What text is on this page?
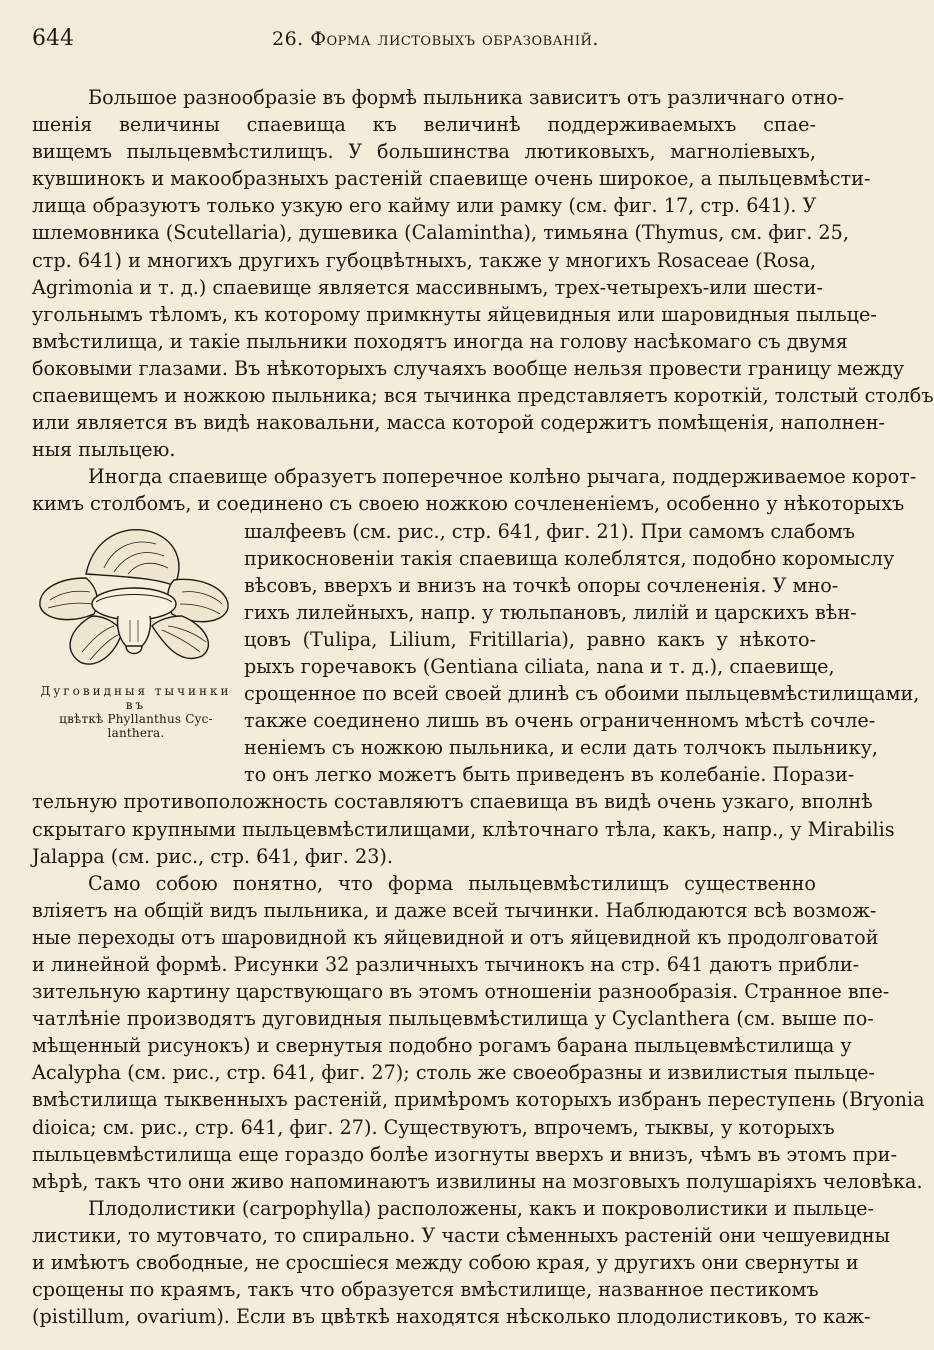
644	26. Форма листовыхъ образованій.
Дуговидныя тычинки въ
цвѣткѣ Phyllanthus Cyc-
lanthera.

Большое разнообразіе въ формѣ пыльника зависитъ отъ различнаго отно-
шенія величины спаевища къ величинѣ поддерживаемыхъ спае-
вищемъ пыльцевмѣстилищъ. У большинства лютиковыхъ, магноліевыхъ,
кувшинокъ и макообразныхъ растеній спаевище очень широкое, а пыльцевмѣсти-
лища образуютъ только узкую его кайму или рамку (см. фиг. 17, стр. 641). У
шлемовника (Scutellaria), душевика (Calamintha), тимьяна (Thymus, см. фиг. 25,
стр. 641) и многихъ другихъ губоцвѣтныхъ, также у многихъ Rosaceae (Rosa,
Agrimonia и т. д.) спаевище является массивнымъ, трех-четырехъ-или шести-
угольнымъ тѣломъ, къ которому примкнуты яйцевидныя или шаровидныя пыльце-
вмѣстилища, и такіе пыльники походятъ иногда на голову насѣкомаго съ двумя
боковыми глазами. Въ нѣкоторыхъ случаяхъ вообще нельзя провести границу между
спаевищемъ и ножкою пыльника; вся тычинка представляетъ короткій, толстый столбъ
или является въ видѣ наковальни, масса которой содержитъ помѣщенія, наполнен-
ныя пыльцею.

Иногда спаевище образуетъ поперечное колѣно рычага, поддерживаемое корот-
кимъ столбомъ, и соединено съ своею ножкою сочлененіемъ, особенно у нѣкоторыхъ
шалфеевъ (см. рис., стр. 641, фиг. 21). При самомъ слабомъ
прикосновеніи такія спаевища колеблятся, подобно коромыслу
вѣсовъ, вверхъ и внизъ на точкѣ опоры сочлененія. У мно-
гихъ лилейныхъ, напр. у тюльпановъ, лилій и царскихъ вѣн-
цовъ (Tulipa, Lilium, Fritillaria), равно какъ у нѣкото-
рыхъ горечавокъ (Gentiana ciliata, nana и т. д.), спаевище,
срощенное по всей своей длинѣ съ обоими пыльцевмѣстилищами,
также соединено лишь въ очень ограниченномъ мѣстѣ сочле-
неніемъ съ ножкою пыльника, и если дать толчокъ пыльнику,
то онъ легко можетъ быть приведенъ въ колебаніе. Порази-
тельную противоположность составляютъ спаевища въ видѣ очень узкаго, вполнѣ
скрытаго крупными пыльцевмѣстилищами, клѣточнаго тѣла, какъ, напр., у Mirabilis
Jalappa (см. рис., стр. 641, фиг. 23).

Само собою понятно, что форма пыльцевмѣстилищъ существенно
вліяетъ на общій видъ пыльника, и даже всей тычинки. Наблюдаются всѣ возмож-
ные переходы отъ шаровидной къ яйцевидной и отъ яйцевидной къ продолговатой
и линейной формѣ. Рисунки 32 различныхъ тычинокъ на стр. 641 даютъ прибли-
зительную картину царствующаго въ этомъ отношеніи разнообразія. Странное впе-
чатлѣніе производятъ дуговидныя пыльцевмѣстилища у Cyclanthera (см. выше по-
мѣщенный рисунокъ) и свернутыя подобно рогамъ барана пыльцевмѣстилища у
Acalypha (см. рис., стр. 641, фиг. 27); столь же своеобразны и извилистыя пыльце-
вмѣстилища тыквенныхъ растеній, примѣромъ которыхъ избранъ переступень (Bryonia
dioica; см. рис., стр. 641, фиг. 27). Существуютъ, впрочемъ, тыквы, у которыхъ
пыльцевмѣстилища еще гораздо болѣе изогнуты вверхъ и внизъ, чѣмъ въ этомъ при-
мѣрѣ, такъ что они живо напоминаютъ извилины на мозговыхъ полушаріяхъ человѣка.

Плодолистики (carpophylla) расположены, какъ и покроволистики и пыльце-
листики, то мутовчато, то спирально. У части сѣменныхъ растеній они чешуевидны
и имѣютъ свободные, не сросшіеся между собою края, у другихъ они свернуты и
срощены по краямъ, такъ что образуется вмѣстилище, названное пестикомъ
(pistillum, ovarium). Если въ цвѣткѣ находятся нѣсколько плодолистиковъ, то каж-
